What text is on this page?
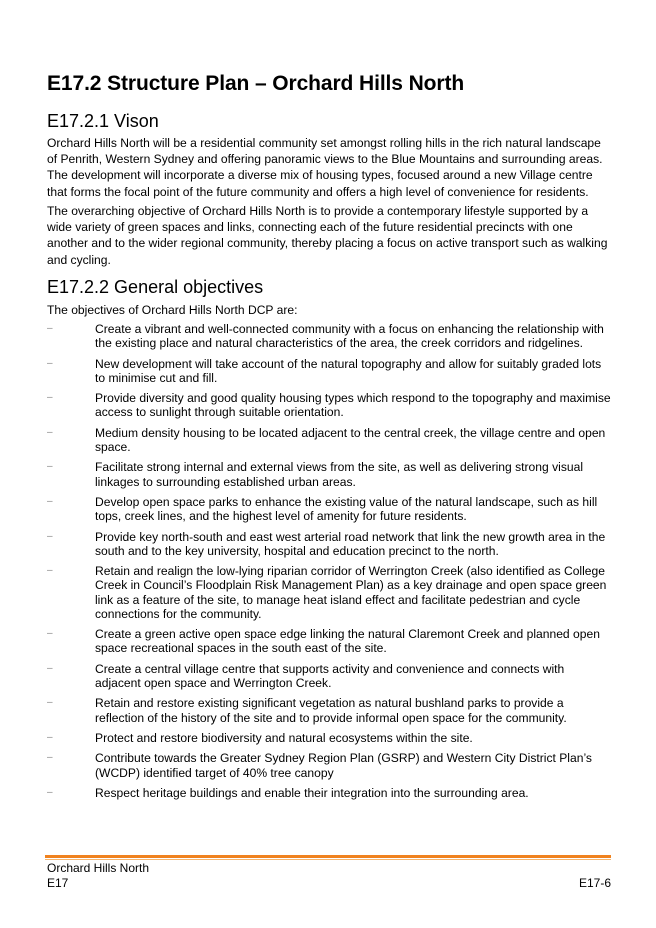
E17.2 Structure Plan – Orchard Hills North
E17.2.1 Vison

Orchard Hills North will be a residential community set amongst rolling hills in the rich natural landscape of Penrith, Western Sydney and offering panoramic views to the Blue Mountains and surrounding areas. The development will incorporate a diverse mix of housing types, focused around a new Village centre that forms the focal point of the future community and offers a high level of convenience for residents.

The overarching objective of Orchard Hills North is to provide a contemporary lifestyle supported by a wide variety of green spaces and links, connecting each of the future residential precincts with one another and to the wider regional community, thereby placing a focus on active transport such as walking and cycling.

E17.2.2 General objectives

The objectives of Orchard Hills North DCP are:

–	Create a vibrant and well-connected community with a focus on enhancing the relationship with the existing place and natural characteristics of the area, the creek corridors and ridgelines.
–	New development will take account of the natural topography and allow for suitably graded lots to minimise cut and fill.
–	Provide diversity and good quality housing types which respond to the topography and maximise access to sunlight through suitable orientation.
–	Medium density housing to be located adjacent to the central creek, the village centre and open space.
–	Facilitate strong internal and external views from the site, as well as delivering strong visual linkages to surrounding established urban areas.
–	Develop open space parks to enhance the existing value of the natural landscape, such as hill tops, creek lines, and the highest level of amenity for future residents.
–	Provide key north-south and east west arterial road network that link the new growth area in the south and to the key university, hospital and education precinct to the north.
–	Retain and realign the low-lying riparian corridor of Werrington Creek (also identified as College Creek in Council’s Floodplain Risk Management Plan) as a key drainage and open space green link as a feature of the site, to manage heat island effect and facilitate pedestrian and cycle connections for the community.
–	Create a green active open space edge linking the natural Claremont Creek and planned open space recreational spaces in the south east of the site.
–	Create a central village centre that supports activity and convenience and connects with adjacent open space and Werrington Creek.
–	Retain and restore existing significant vegetation as natural bushland parks to provide a reflection of the history of the site and to provide informal open space for the community.
–	Protect and restore biodiversity and natural ecosystems within the site.
–	Contribute towards the Greater Sydney Region Plan (GSRP) and Western City District Plan’s (WCDP) identified target of 40% tree canopy
–	Respect heritage buildings and enable their integration into the surrounding area.
Orchard Hills North
E17	E17-6
